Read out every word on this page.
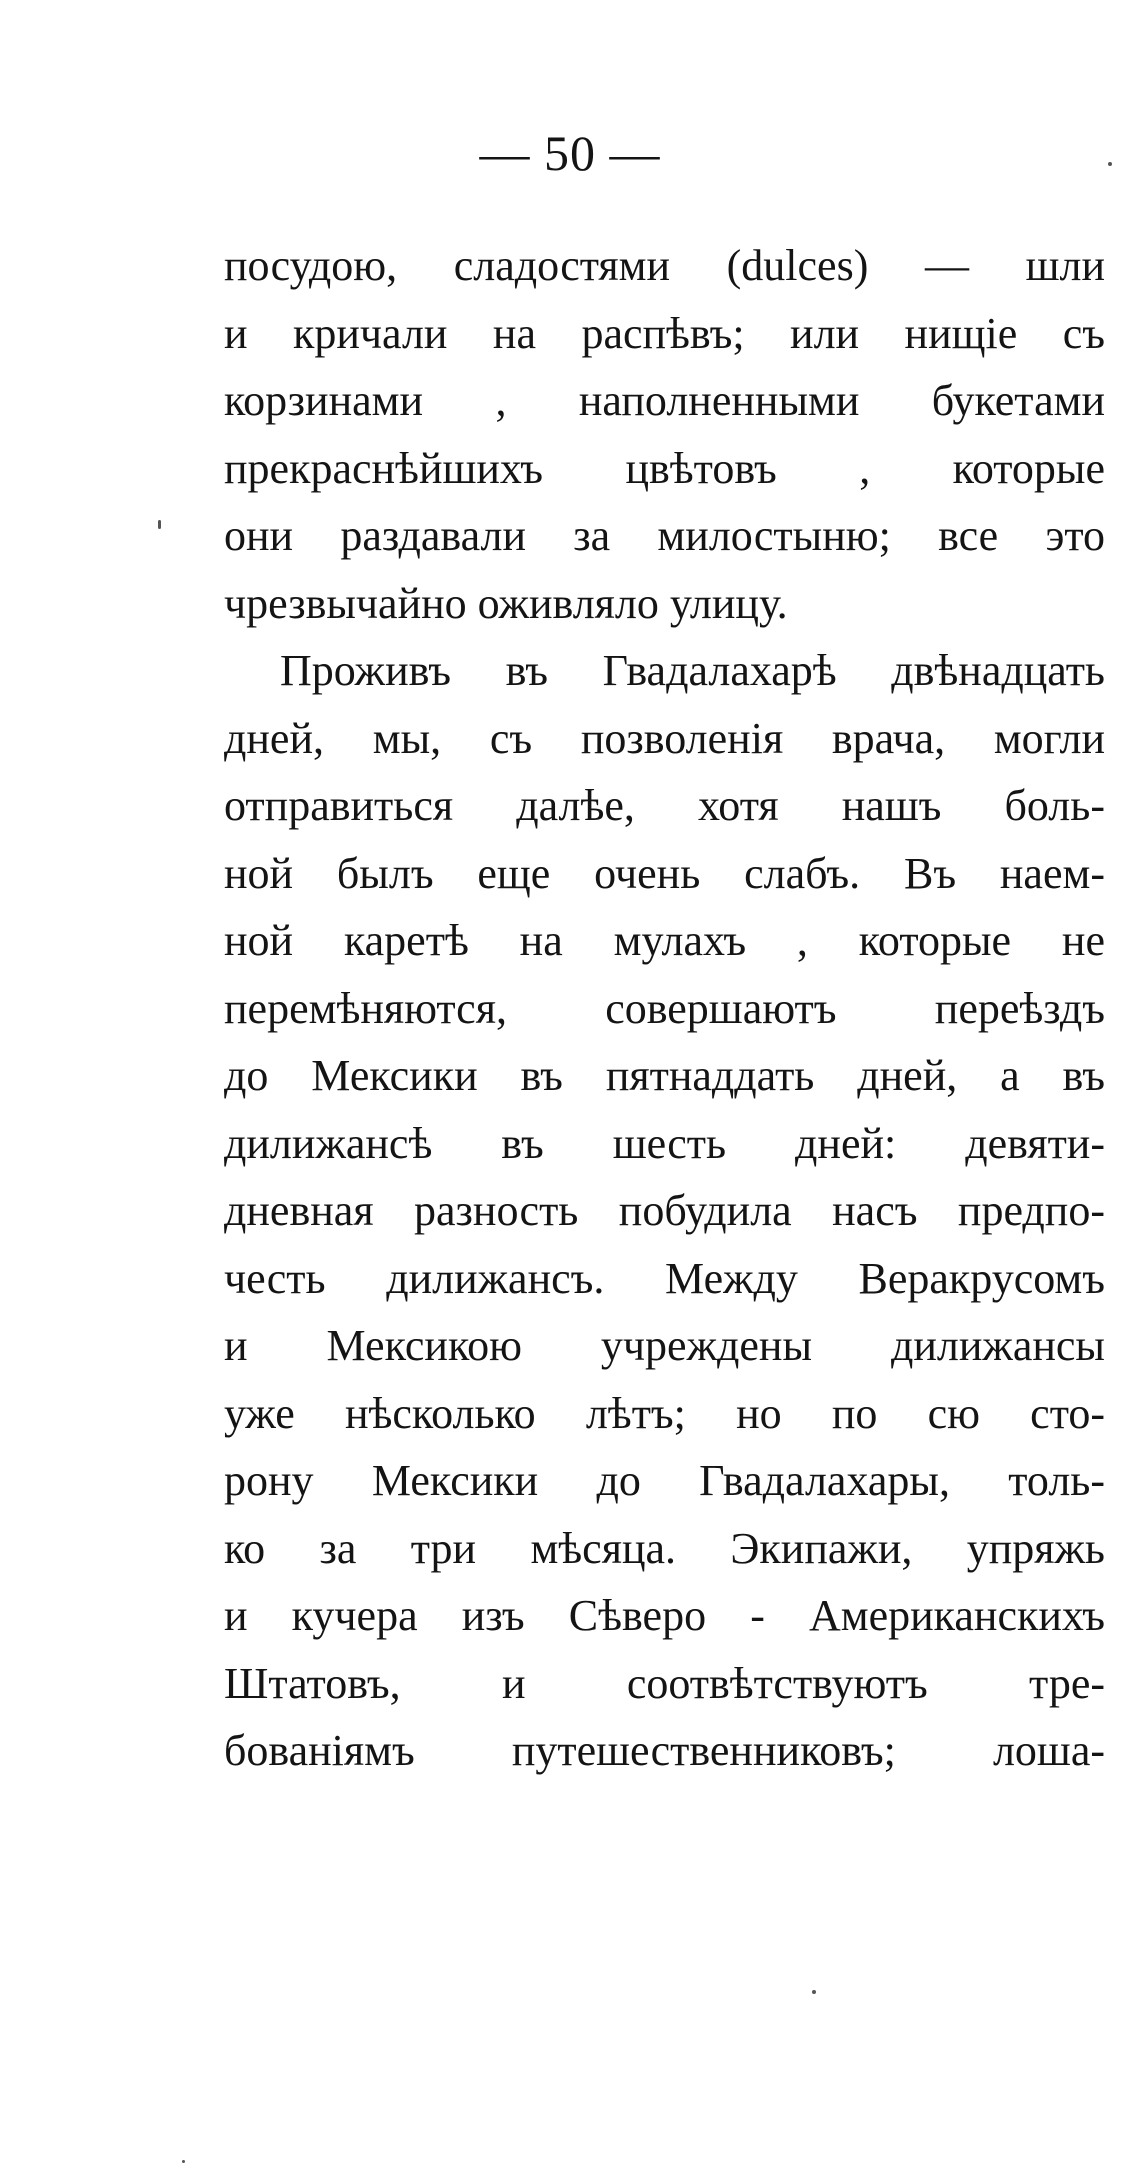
— 50 —
посудою, сладостями (dulces) — шли
и кричали на распѣвъ; или нищіе съ
корзинами , наполненными букетами
прекраснѣйшихъ цвѣтовъ , которые
они раздавали за милостыню; все это
чрезвычайно оживляло улицу.
Проживъ въ Гвадалахарѣ двѣнадцать
дней, мы, съ позволенія врача, могли
отправиться далѣе, хотя нашъ боль-
ной былъ еще очень слабъ. Въ наем-
ной каретѣ на мулахъ , которые не
перемѣняются, совершаютъ переѣздъ
до Мексики въ пятнаддать дней, а въ
дилижансѣ въ шесть дней: девяти-
дневная разность побудила насъ предпо-
честь дилижансъ. Между Веракрусомъ
и Мексикою учреждены дилижансы
уже нѣсколько лѣтъ; но по сю сто-
рону Мексики до Гвадалахары, толь-
ко за три мѣсяца. Экипажи, упряжь
и кучера изъ Сѣверо - Американскихъ
Штатовъ, и соотвѣтствуютъ тре-
бованіямъ путешественниковъ; лоша-
